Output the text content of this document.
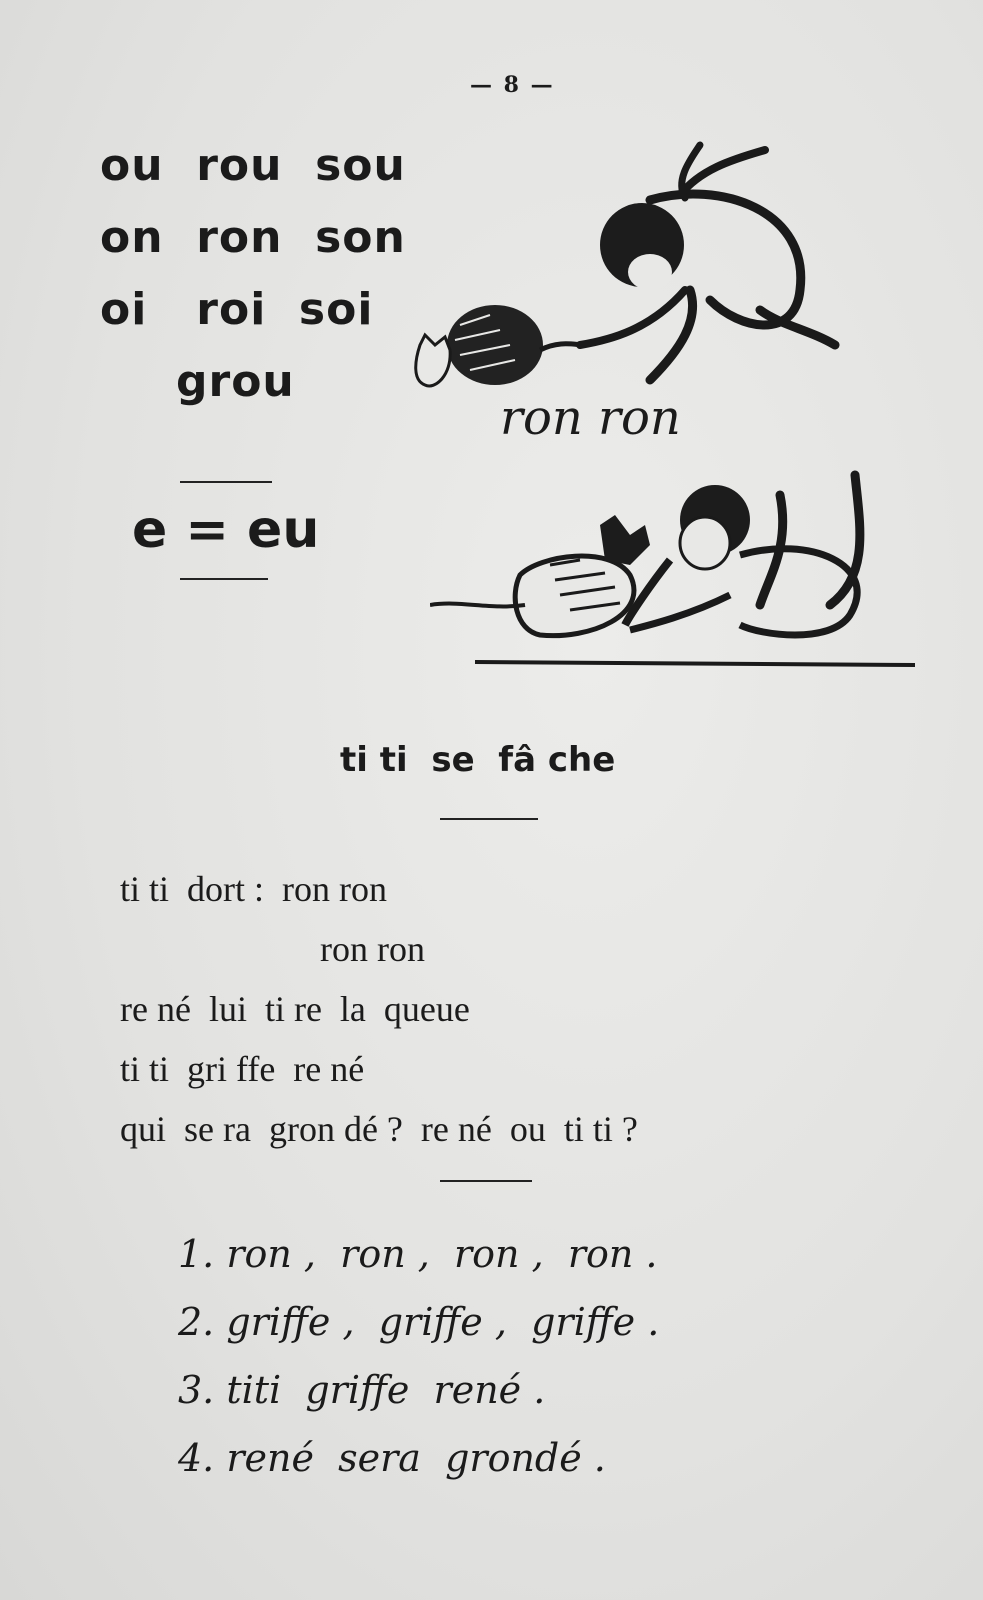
— 8 —
ou  rou  sou
on  ron  son
oi   roi  soi
grou
e = eu
ron ron
ti ti  se  fâ che
ti ti  dort :  ron ron
ron ron
re né  lui  ti re  la  queue
ti ti  gri ffe  re né
qui  se ra  gron dé ?  re né  ou  ti ti ?
1. ron ,  ron ,  ron ,  ron .
2. griffe ,  griffe ,  griffe .
3. titi  griffe  rené .
4. rené  sera  grondé .
